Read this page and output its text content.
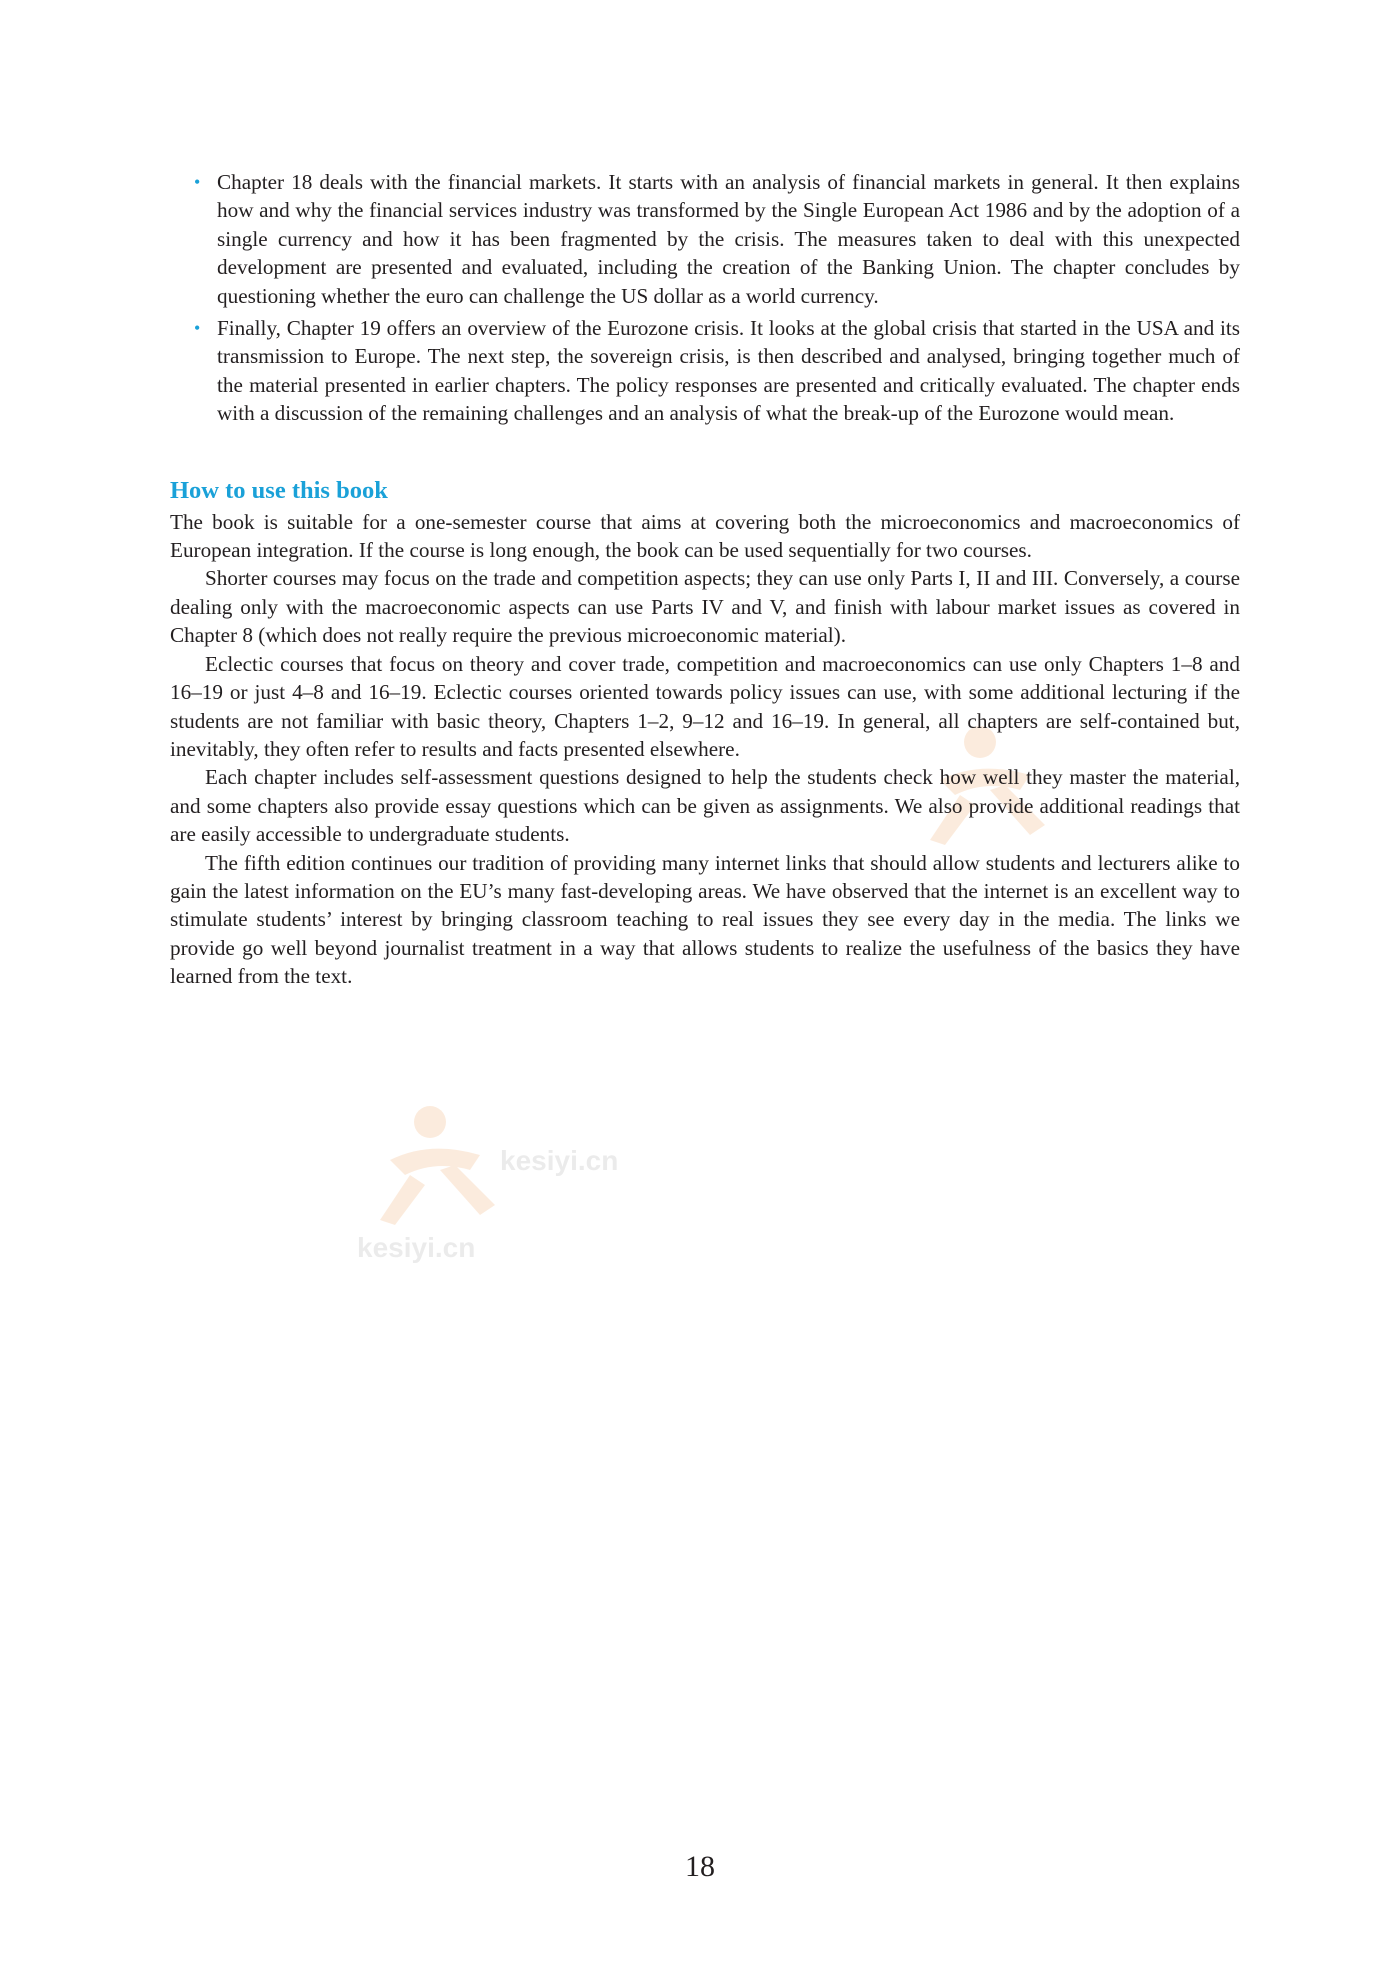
kesiyi.cn
kesiyi.cn
• Chapter 18 deals with the financial markets. It starts with an analysis of financial markets in general. It then explains how and why the financial services industry was transformed by the Single European Act 1986 and by the adoption of a single currency and how it has been fragmented by the crisis. The measures taken to deal with this unexpected development are presented and evaluated, including the creation of the Banking Union. The chapter concludes by questioning whether the euro can challenge the US dollar as a world currency.
• Finally, Chapter 19 offers an overview of the Eurozone crisis. It looks at the global crisis that started in the USA and its transmission to Europe. The next step, the sovereign crisis, is then described and analysed, bringing together much of the material presented in earlier chapters. The policy responses are presented and critically evaluated. The chapter ends with a discussion of the remaining challenges and an analysis of what the break-up of the Eurozone would mean.
How to use this book

The book is suitable for a one-semester course that aims at covering both the microeconomics and macroeconomics of European integration. If the course is long enough, the book can be used sequentially for two courses.

Shorter courses may focus on the trade and competition aspects; they can use only Parts I, II and III. Conversely, a course dealing only with the macroeconomic aspects can use Parts IV and V, and finish with labour market issues as covered in Chapter 8 (which does not really require the previous microeconomic material).

Eclectic courses that focus on theory and cover trade, competition and macroeconomics can use only Chapters 1–8 and 16–19 or just 4–8 and 16–19. Eclectic courses oriented towards policy issues can use, with some additional lecturing if the students are not familiar with basic theory, Chapters 1–2, 9–12 and 16–19. In general, all chapters are self-contained but, inevitably, they often refer to results and facts presented elsewhere.

Each chapter includes self-assessment questions designed to help the students check how well they master the material, and some chapters also provide essay questions which can be given as assignments. We also provide additional readings that are easily accessible to undergraduate students.

The fifth edition continues our tradition of providing many internet links that should allow students and lecturers alike to gain the latest information on the EU’s many fast-developing areas. We have observed that the internet is an excellent way to stimulate students’ interest by bringing classroom teaching to real issues they see every day in the media. The links we provide go well beyond journalist treatment in a way that allows students to realize the usefulness of the basics they have learned from the text.

18
